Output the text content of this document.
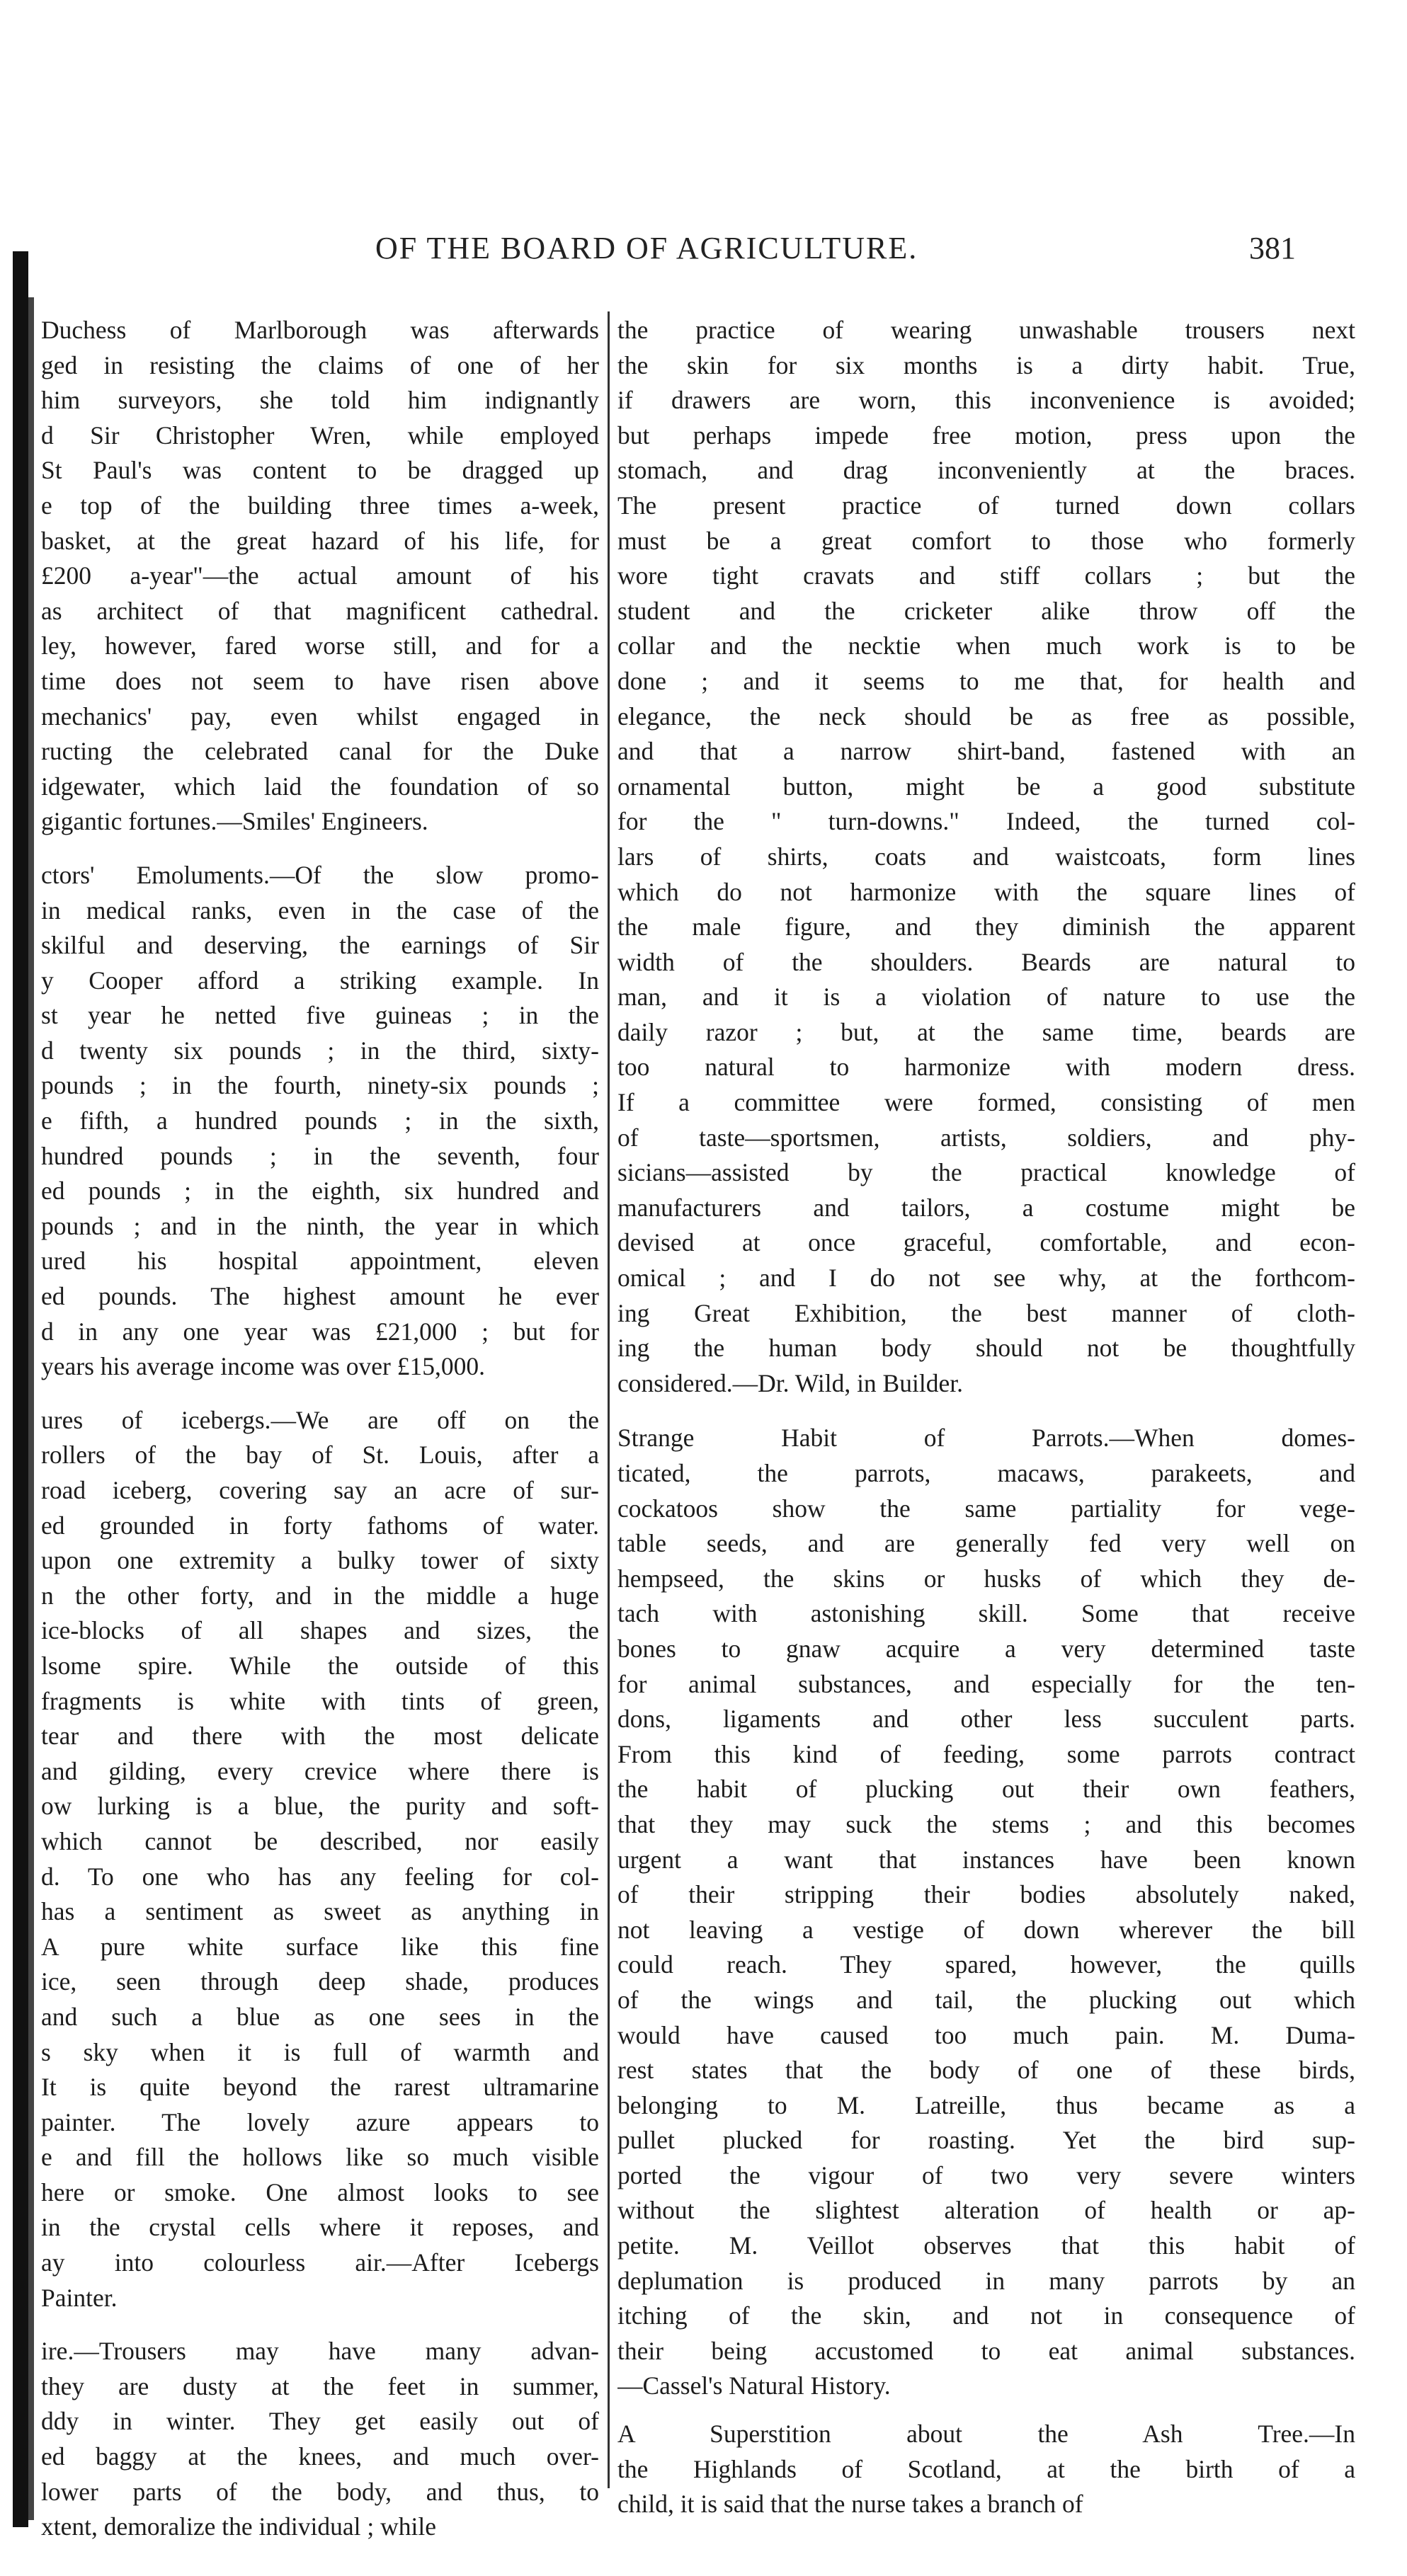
OF THE BOARD OF AGRICULTURE.	381
Duchess of Marlborough was afterwards
ged in resisting the claims of one of her
him surveyors, she told him indignantly
d Sir Christopher Wren, while employed
St Paul's was content to be dragged up
e top of the building three times a-week,
basket, at the great hazard of his life, for
£200 a-year"—the actual amount of his
as architect of that magnificent cathedral.
ley, however, fared worse still, and for a
time does not seem to have risen above
mechanics' pay, even whilst engaged in
ructing the celebrated canal for the Duke
idgewater, which laid the foundation of so
gigantic fortunes.—Smiles' Engineers.
ctors' Emoluments.—Of the slow promo-
in medical ranks, even in the case of the
skilful and deserving, the earnings of Sir
y Cooper afford a striking example. In
st year he netted five guineas ; in the
d twenty six pounds ; in the third, sixty-
pounds ; in the fourth, ninety-six pounds ;
e fifth, a hundred pounds ; in the sixth,
hundred pounds ; in the seventh, four
ed pounds ; in the eighth, six hundred and
pounds ; and in the ninth, the year in which
ured his hospital appointment, eleven
ed pounds. The highest amount he ever
d in any one year was £21,000 ; but for
years his average income was over £15,000.
ures of icebergs.—We are off on the
rollers of the bay of St. Louis, after a
road iceberg, covering say an acre of sur-
ed grounded in forty fathoms of water.
upon one extremity a bulky tower of sixty
n the other forty, and in the middle a huge
ice-blocks of all shapes and sizes, the
lsome spire. While the outside of this
fragments is white with tints of green,
tear and there with the most delicate
and gilding, every crevice where there is
ow lurking is a blue, the purity and soft-
which cannot be described, nor easily
d. To one who has any feeling for col-
has a sentiment as sweet as anything in
A pure white surface like this fine
ice, seen through deep shade, produces
and such a blue as one sees in the
s sky when it is full of warmth and
It is quite beyond the rarest ultramarine
painter. The lovely azure appears to
e and fill the hollows like so much visible
here or smoke. One almost looks to see
in the crystal cells where it reposes, and
ay into colourless air.—After Icebergs
Painter.
ire.—Trousers may have many advan-
they are dusty at the feet in summer,
ddy in winter. They get easily out of
ed baggy at the knees, and much over-
lower parts of the body, and thus, to
xtent, demoralize the individual ; while
the practice of wearing unwashable trousers next
the skin for six months is a dirty habit. True,
if drawers are worn, this inconvenience is avoided;
but perhaps impede free motion, press upon the
stomach, and drag inconveniently at the braces.
The present practice of turned down collars
must be a great comfort to those who formerly
wore tight cravats and stiff collars ; but the
student and the cricketer alike throw off the
collar and the necktie when much work is to be
done ; and it seems to me that, for health and
elegance, the neck should be as free as possible,
and that a narrow shirt-band, fastened with an
ornamental button, might be a good substitute
for the " turn-downs." Indeed, the turned col-
lars of shirts, coats and waistcoats, form lines
which do not harmonize with the square lines of
the male figure, and they diminish the apparent
width of the shoulders. Beards are natural to
man, and it is a violation of nature to use the
daily razor ; but, at the same time, beards are
too natural to harmonize with modern dress.
If a committee were formed, consisting of men
of taste—sportsmen, artists, soldiers, and phy-
sicians—assisted by the practical knowledge of
manufacturers and tailors, a costume might be
devised at once graceful, comfortable, and econ-
omical ; and I do not see why, at the forthcom-
ing Great Exhibition, the best manner of cloth-
ing the human body should not be thoughtfully
considered.—Dr. Wild, in Builder.
Strange Habit of Parrots.—When domes-
ticated, the parrots, macaws, parakeets, and
cockatoos show the same partiality for vege-
table seeds, and are generally fed very well on
hempseed, the skins or husks of which they de-
tach with astonishing skill. Some that receive
bones to gnaw acquire a very determined taste
for animal substances, and especially for the ten-
dons, ligaments and other less succulent parts.
From this kind of feeding, some parrots contract
the habit of plucking out their own feathers,
that they may suck the stems ; and this becomes
urgent a want that instances have been known
of their stripping their bodies absolutely naked,
not leaving a vestige of down wherever the bill
could reach. They spared, however, the quills
of the wings and tail, the plucking out which
would have caused too much pain. M. Duma-
rest states that the body of one of these birds,
belonging to M. Latreille, thus became as a
pullet plucked for roasting. Yet the bird sup-
ported the vigour of two very severe winters
without the slightest alteration of health or ap-
petite. M. Veillot observes that this habit of
deplumation is produced in many parrots by an
itching of the skin, and not in consequence of
their being accustomed to eat animal substances.
—Cassel's Natural History.
A Superstition about the Ash Tree.—In
the Highlands of Scotland, at the birth of a
child, it is said that the nurse takes a branch of
